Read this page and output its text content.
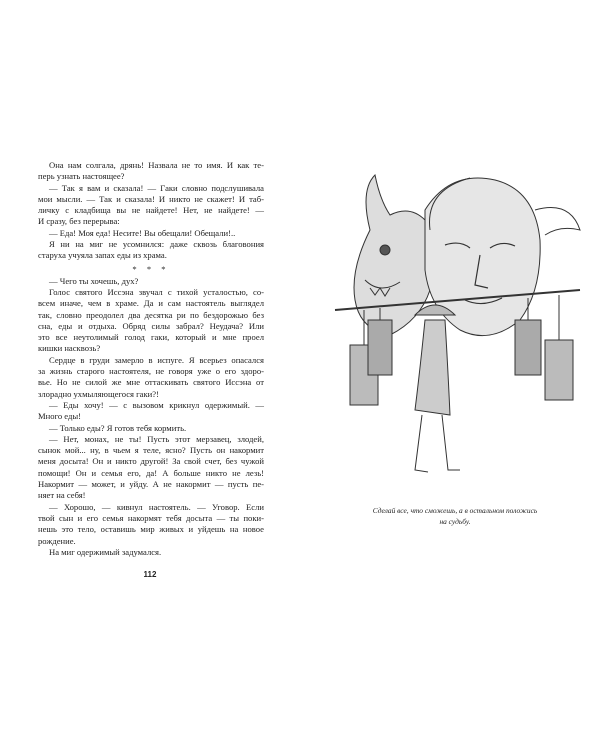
Она нам солгала, дрянь! Назвала не то имя. И как те-
перь узнать настоящее?
— Так я вам и сказала! — Гаки словно подслушивала
мои мысли. — Так и сказала! И никто не скажет! И таб-
личку с кладбища вы не найдете! Нет, не найдете! —
И сразу, без перерыва:
— Еда! Моя еда! Несите! Вы обещали! Обещали!..
Я ни на миг не усомнился: даже сквозь благовония
старуха учуяла запах еды из храма.
* * *
— Чего ты хочешь, дух?
Голос святого Иссэна звучал с тихой усталостью, со-
всем иначе, чем в храме. Да и сам настоятель выглядел
так, словно преодолел два десятка ри по бездорожью без
сна, еды и отдыха. Обряд силы забрал? Неудача? Или
это все неутолимый голод гаки, который и мне проел
кишки насквозь?
Сердце в груди замерло в испуге. Я всерьез опасался
за жизнь старого настоятеля, не говоря уже о его здоро-
вье. Но не силой же мне оттаскивать святого Иссэна от
злорадно ухмыляющегося гаки?!
— Еды хочу! — с вызовом крикнул одержимый. —
Много еды!
— Только еды? Я готов тебя кормить.
— Нет, монах, не ты! Пусть этот мерзавец, злодей,
сынок мой... ну, в чьем я теле, ясно? Пусть он накормит
меня досыта! Он и никто другой! За свой счет, без чужой
помощи! Он и семья его, да! А больше никто не лезь!
Накормит — может, и уйду. А не накормит — пусть пе-
няет на себя!
— Хорошо, — кивнул настоятель. — Уговор. Если
твой сын и его семья накормят тебя досыта — ты поки-
нешь это тело, оставишь мир живых и уйдешь на новое
рождение.
На миг одержимый задумался.
112
Сделай все, что сможешь, а в остальном положись
на судьбу.
